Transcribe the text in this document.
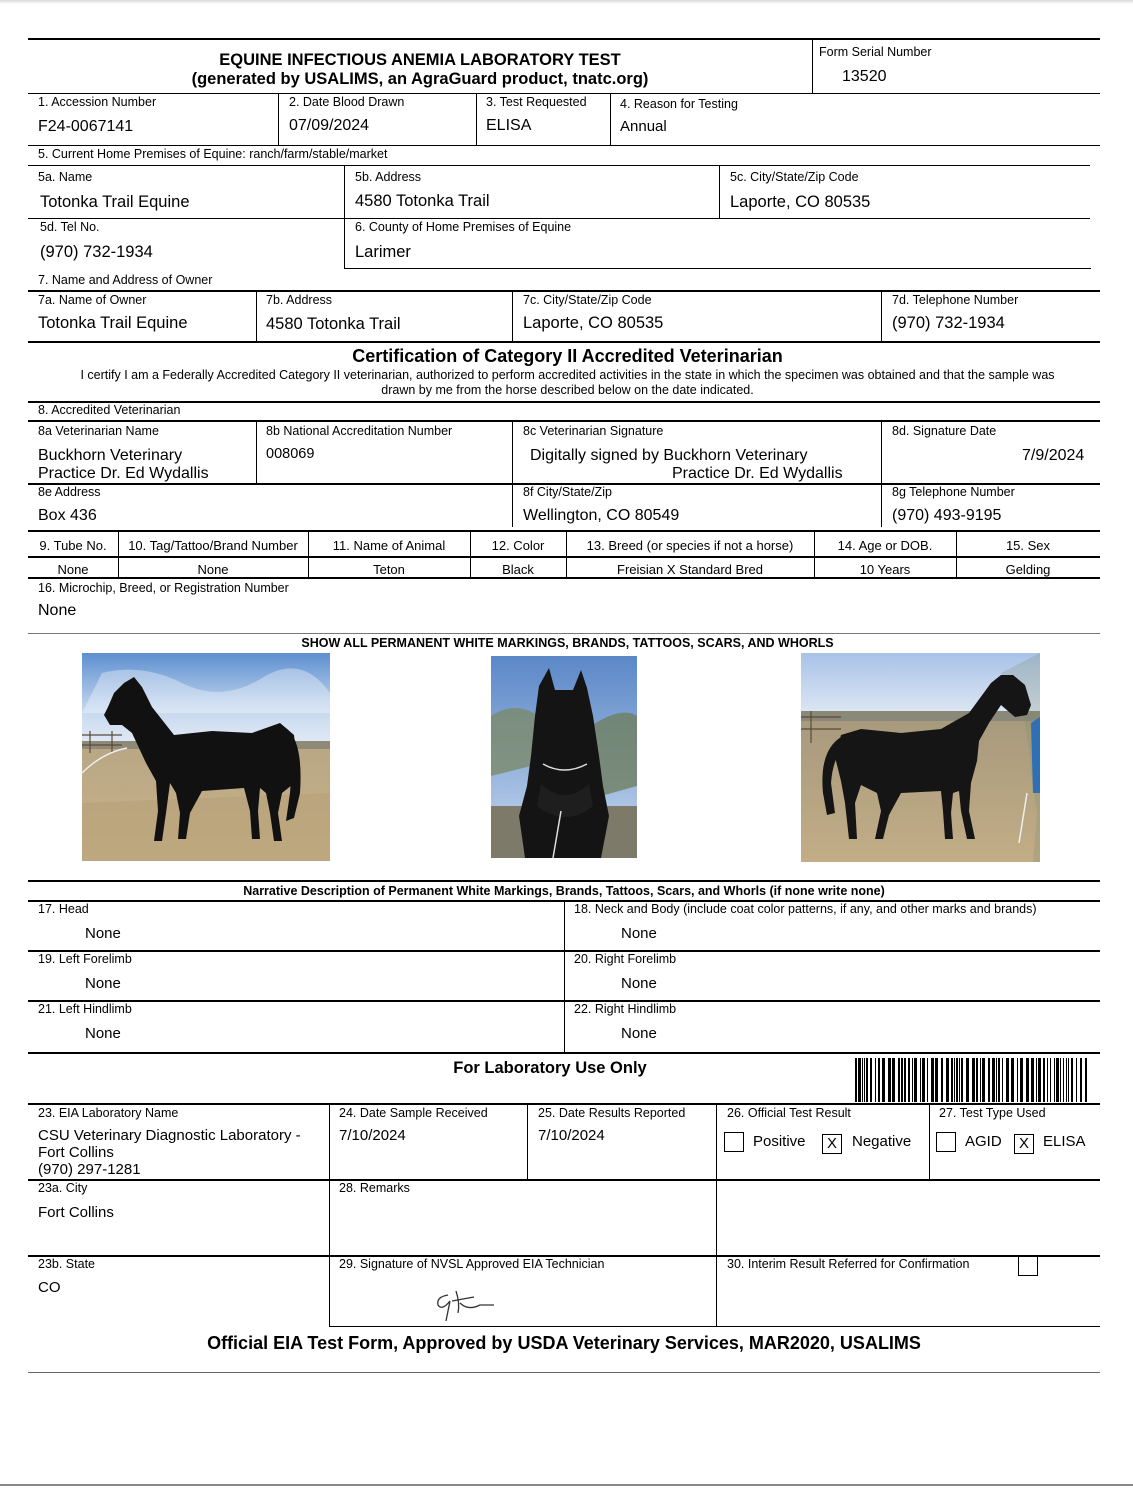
EQUINE INFECTIOUS ANEMIA LABORATORY TEST
(generated by USALIMS, an AgraGuard product, tnatc.org)
Form Serial Number
13520
1. Accession Number
F24-0067141
2. Date Blood Drawn
07/09/2024
3. Test Requested
ELISA
4. Reason for Testing
Annual
5. Current Home Premises of Equine: ranch/farm/stable/market
5a. Name
Totonka Trail Equine
5b. Address
4580 Totonka Trail
5c. City/State/Zip Code
Laporte, CO 80535
5d. Tel No.
(970) 732-1934
6. County of Home Premises of Equine
Larimer
7. Name and Address of Owner
7a. Name of Owner
Totonka Trail Equine
7b. Address
4580 Totonka Trail
7c. City/State/Zip Code
Laporte, CO 80535
7d. Telephone Number
(970) 732-1934
Certification of Category II Accredited Veterinarian
I certify I am a Federally Accredited Category II veterinarian, authorized to perform accredited activities in the state in which the specimen was obtained and that the sample was
drawn by me from the horse described below on the date indicated.
8. Accredited Veterinarian
8a Veterinarian Name
Buckhorn Veterinary
Practice Dr. Ed Wydallis
8b National Accreditation Number
008069
8c Veterinarian Signature
Digitally signed by Buckhorn Veterinary
Practice Dr. Ed Wydallis
8d. Signature Date
7/9/2024
8e Address
Box 436
8f City/State/Zip
Wellington, CO 80549
8g Telephone Number
(970) 493-9195
9. Tube No.	10. Tag/Tattoo/Brand Number	11. Name of Animal	12. Color	13. Breed (or species if not a horse)	14. Age or DOB.	15. Sex
None	None	Teton	Black	Freisian X Standard Bred	10 Years	Gelding
16. Microchip, Breed, or Registration Number
None
SHOW ALL PERMANENT WHITE MARKINGS, BRANDS, TATTOOS, SCARS, AND WHORLS
Narrative Description of Permanent White Markings, Brands, Tattoos, Scars, and Whorls (if none write none)
17. Head
None
18. Neck and Body (include coat color patterns, if any, and other marks and brands)
None
19. Left Forelimb
None
20. Right Forelimb
None
21. Left Hindlimb
None
22. Right Hindlimb
None
For Laboratory Use Only
23. EIA Laboratory Name
CSU Veterinary Diagnostic Laboratory -
Fort Collins
(970) 297-1281
24. Date Sample Received
7/10/2024
25. Date Results Reported
7/10/2024
26. Official Test Result
Positive	X	Negative
27. Test Type Used
AGID	X ELISA
23a. City
Fort Collins
28. Remarks
23b. State
CO
29. Signature of NVSL Approved EIA Technician	30. Interim Result Referred for Confirmation
Official EIA Test Form, Approved by USDA Veterinary Services, MAR2020, USALIMS
